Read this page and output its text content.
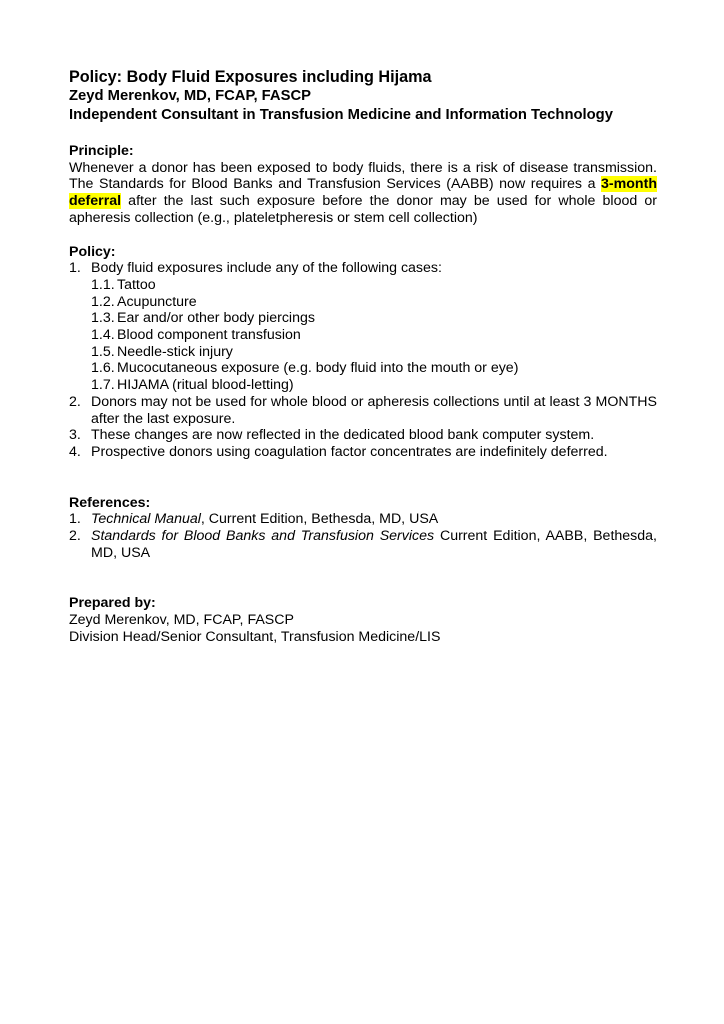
Policy: Body Fluid Exposures including Hijama
Zeyd Merenkov, MD, FCAP, FASCP
Independent Consultant in Transfusion Medicine and Information Technology
Principle:

Whenever a donor has been exposed to body fluids, there is a risk of disease transmission. The Standards for Blood Banks and Transfusion Services (AABB) now requires a 3-month deferral after the last such exposure before the donor may be used for whole blood or apheresis collection (e.g., plateletpheresis or stem cell collection)

Policy:
1. Body fluid exposures include any of the following cases:
1.1. Tattoo
1.2. Acupuncture
1.3. Ear and/or other body piercings
1.4. Blood component transfusion
1.5. Needle-stick injury
1.6. Mucocutaneous exposure (e.g. body fluid into the mouth or eye)
1.7. HIJAMA (ritual blood-letting)
2. Donors may not be used for whole blood or apheresis collections until at least 3 MONTHS after the last exposure.
3. These changes are now reflected in the dedicated blood bank computer system.
4. Prospective donors using coagulation factor concentrates are indefinitely deferred.
References:
1. Technical Manual, Current Edition, Bethesda, MD, USA
2. Standards for Blood Banks and Transfusion Services Current Edition, AABB, Bethesda, MD, USA
Prepared by:
Zeyd Merenkov, MD, FCAP, FASCP
Division Head/Senior Consultant, Transfusion Medicine/LIS
